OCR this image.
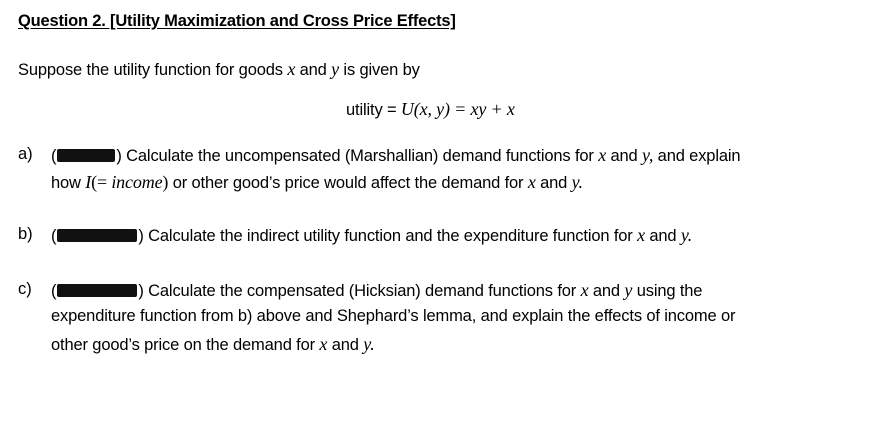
Question 2. [Utility Maximization and Cross Price Effects]
Suppose the utility function for goods x and y is given by
utility = U(x, y) = xy + x
a) (	) Calculate the uncompensated (Marshallian) demand functions for x and y, and explain
how I(= income) or other good’s price would affect the demand for x and y.
b) (	) Calculate the indirect utility function and the expenditure function for x and y.
c) (	) Calculate the compensated (Hicksian) demand functions for x and y using the
expenditure function from b) above and Shephard’s lemma, and explain the effects of income or
other good’s price on the demand for x and y.
